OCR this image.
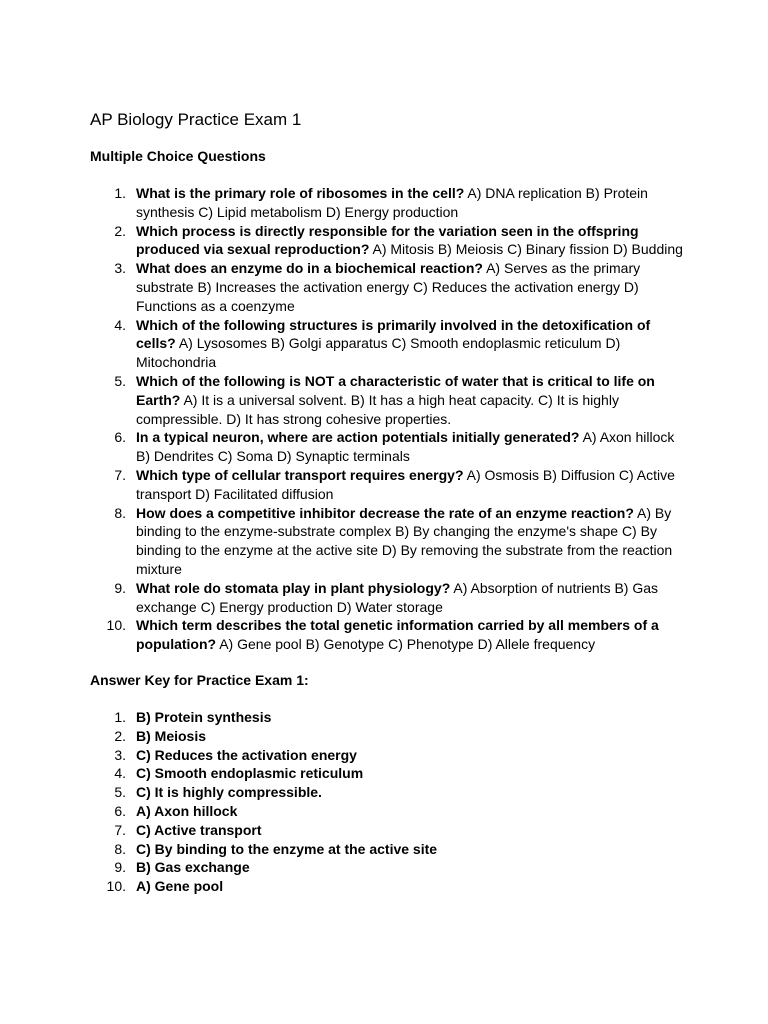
AP Biology Practice Exam 1
Multiple Choice Questions
1. What is the primary role of ribosomes in the cell? A) DNA replication B) Protein synthesis C) Lipid metabolism D) Energy production
2. Which process is directly responsible for the variation seen in the offspring produced via sexual reproduction? A) Mitosis B) Meiosis C) Binary fission D) Budding
3. What does an enzyme do in a biochemical reaction? A) Serves as the primary substrate B) Increases the activation energy C) Reduces the activation energy D) Functions as a coenzyme
4. Which of the following structures is primarily involved in the detoxification of cells? A) Lysosomes B) Golgi apparatus C) Smooth endoplasmic reticulum D) Mitochondria
5. Which of the following is NOT a characteristic of water that is critical to life on Earth? A) It is a universal solvent. B) It has a high heat capacity. C) It is highly compressible. D) It has strong cohesive properties.
6. In a typical neuron, where are action potentials initially generated? A) Axon hillock B) Dendrites C) Soma D) Synaptic terminals
7. Which type of cellular transport requires energy? A) Osmosis B) Diffusion C) Active transport D) Facilitated diffusion
8. How does a competitive inhibitor decrease the rate of an enzyme reaction? A) By binding to the enzyme-substrate complex B) By changing the enzyme's shape C) By binding to the enzyme at the active site D) By removing the substrate from the reaction mixture
9. What role do stomata play in plant physiology? A) Absorption of nutrients B) Gas exchange C) Energy production D) Water storage
10. Which term describes the total genetic information carried by all members of a population? A) Gene pool B) Genotype C) Phenotype D) Allele frequency
Answer Key for Practice Exam 1:
1. B) Protein synthesis
2. B) Meiosis
3. C) Reduces the activation energy
4. C) Smooth endoplasmic reticulum
5. C) It is highly compressible.
6. A) Axon hillock
7. C) Active transport
8. C) By binding to the enzyme at the active site
9. B) Gas exchange
10. A) Gene pool
